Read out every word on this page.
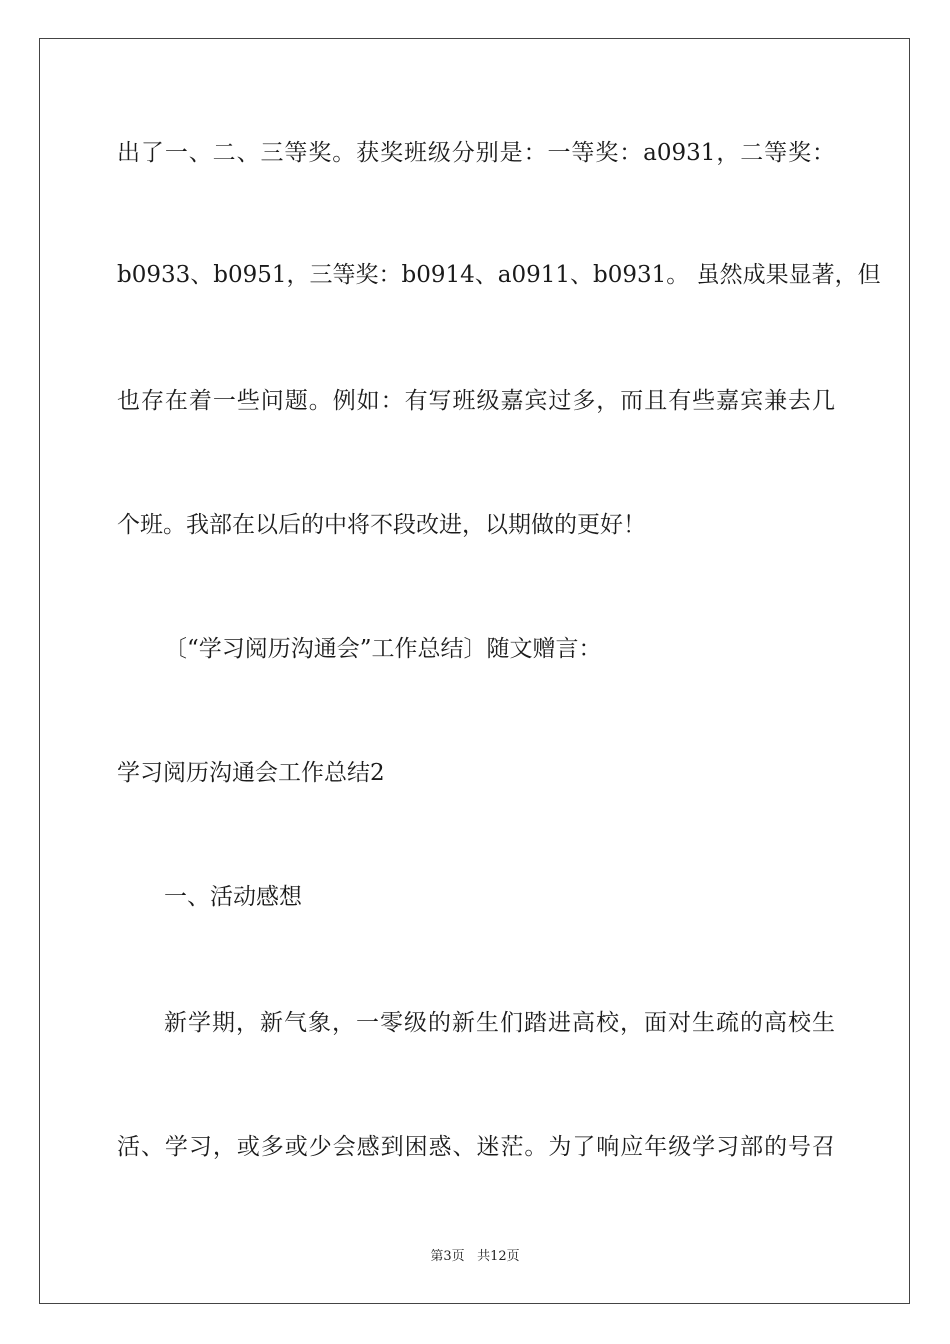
出了一、二、三等奖。获奖班级分别是：一等奖：a0931，二等奖：
b0933、b0951，三等奖：b0914、a0911、b0931。 虽然成果显著，但
也存在着一些问题。例如：有写班级嘉宾过多，而且有些嘉宾兼去几
个班。我部在以后的中将不段改进，以期做的更好！
〔“学习阅历沟通会”工作总结〕随文赠言：
学习阅历沟通会工作总结2
一、活动感想
新学期，新气象，一零级的新生们踏进高校，面对生疏的高校生
活、学习，或多或少会感到困惑、迷茫。为了响应年级学习部的号召
第3页 共12页
